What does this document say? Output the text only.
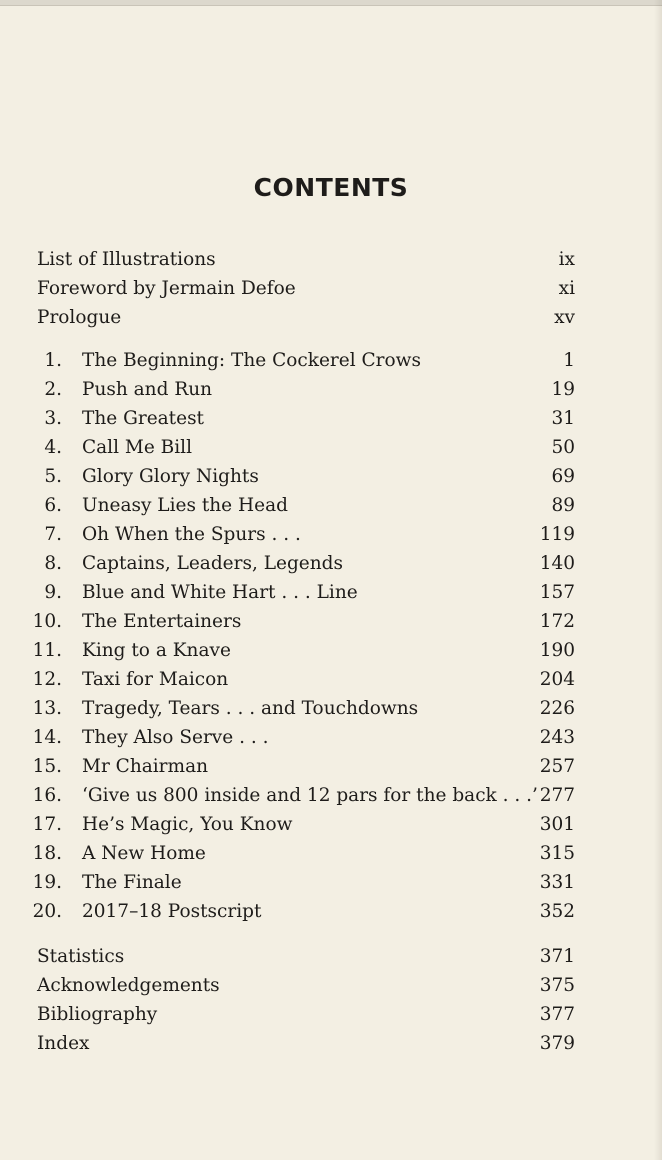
CONTENTS
List of Illustrations	ix
Foreword by Jermain Defoe	xi
Prologue	xv
1.	The Beginning: The Cockerel Crows	1
2.	Push and Run	19
3.	The Greatest	31
4.	Call Me Bill	50
5.	Glory Glory Nights	69
6.	Uneasy Lies the Head	89
7.	Oh When the Spurs . . .	119
8.	Captains, Leaders, Legends	140
9.	Blue and White Hart . . . Line	157
10.	The Entertainers	172
11.	King to a Knave	190
12.	Taxi for Maicon	204
13.	Tragedy, Tears . . . and Touchdowns	226
14.	They Also Serve . . .	243
15.	Mr Chairman	257
16.	‘Give us 800 inside and 12 pars for the back . . .’ 277
17.	He’s Magic, You Know	301
18.	A New Home	315
19.	The Finale	331
20.	2017–18 Postscript	352
Statistics	371
Acknowledgements	375
Bibliography	377
Index	379
